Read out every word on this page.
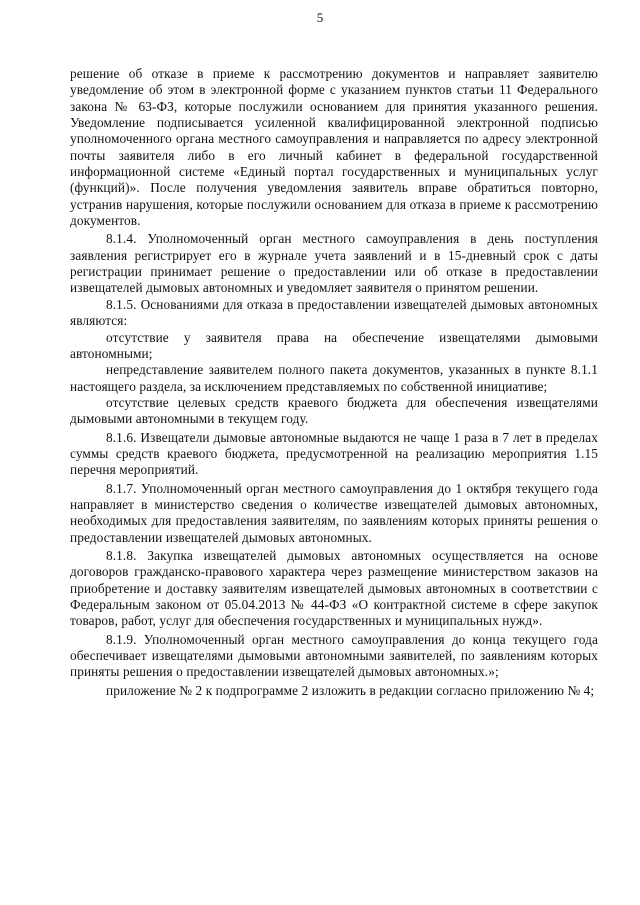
5

решение об отказе в приеме к рассмотрению документов и направляет заявителю уведомление об этом в электронной форме с указанием пунктов статьи 11 Федерального закона № 63-ФЗ, которые послужили основанием для принятия указанного решения. Уведомление подписывается усиленной квалифицированной электронной подписью уполномоченного органа местного самоуправления и направляется по адресу электронной почты заявителя либо в его личный кабинет в федеральной государственной информационной системе «Единый портал государственных и муниципальных услуг (функций)». После получения уведомления заявитель вправе обратиться повторно, устранив нарушения, которые послужили основанием для отказа в приеме к рассмотрению документов.

8.1.4. Уполномоченный орган местного самоуправления в день поступления заявления регистрирует его в журнале учета заявлений и в 15-дневный срок с даты регистрации принимает решение о предоставлении или об отказе в предоставлении извещателей дымовых автономных и уведомляет заявителя о принятом решении.

8.1.5. Основаниями для отказа в предоставлении извещателей дымовых автономных являются:

отсутствие у заявителя права на обеспечение извещателями дымовыми автономными;

непредставление заявителем полного пакета документов, указанных в пункте 8.1.1 настоящего раздела, за исключением представляемых по собственной инициативе;

отсутствие целевых средств краевого бюджета для обеспечения извещателями дымовыми автономными в текущем году.

8.1.6. Извещатели дымовые автономные выдаются не чаще 1 раза в 7 лет в пределах суммы средств краевого бюджета, предусмотренной на реализацию мероприятия 1.15 перечня мероприятий.

8.1.7. Уполномоченный орган местного самоуправления до 1 октября текущего года направляет в министерство сведения о количестве извещателей дымовых автономных, необходимых для предоставления заявителям, по заявлениям которых приняты решения о предоставлении извещателей дымовых автономных.

8.1.8. Закупка извещателей дымовых автономных осуществляется на основе договоров гражданско-правового характера через размещение министерством заказов на приобретение и доставку заявителям извещателей дымовых автономных в соответствии с Федеральным законом от 05.04.2013 № 44-ФЗ «О контрактной системе в сфере закупок товаров, работ, услуг для обеспечения государственных и муниципальных нужд».

8.1.9. Уполномоченный орган местного самоуправления до конца текущего года обеспечивает извещателями дымовыми автономными заявителей, по заявлениям которых приняты решения о предоставлении извещателей дымовых автономных.»;

приложение № 2 к подпрограмме 2 изложить в редакции согласно приложению № 4;
